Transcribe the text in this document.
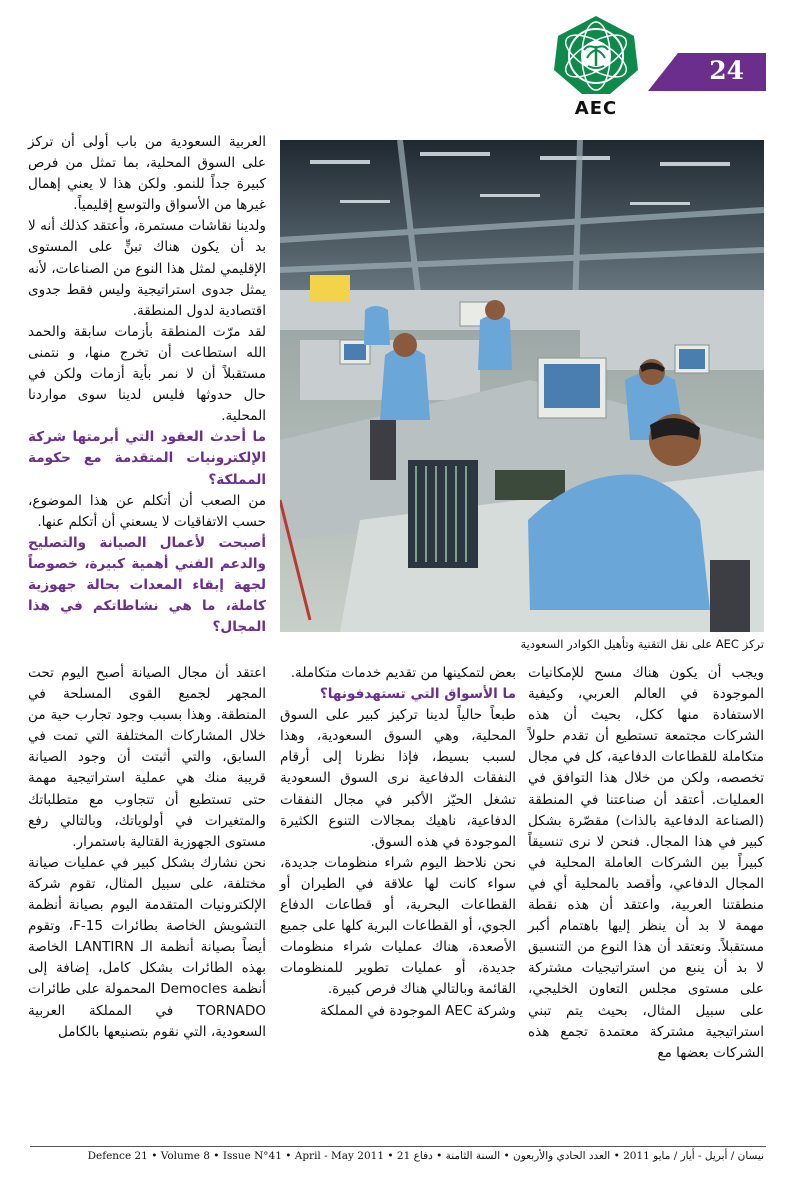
AEC
24

العربية السعودية من باب أولى أن تركز على السوق المحلية، بما تمثل من فرص كبيرة جداً للنمو. ولكن هذا لا يعني إهمال غيرها من الأسواق والتوسع إقليمياً.

ولدينا نقاشات مستمرة، وأعتقد كذلك أنه لا بد أن يكون هناك تبنٍّ على المستوى الإقليمي لمثل هذا النوع من الصناعات، لأنه يمثل جدوى استراتيجية وليس فقط جدوى اقتصادية لدول المنطقة.

لقد مرّت المنطقة بأزمات سابقة والحمد الله استطاعت أن تخرج منها، و نتمنى مستقبلاً أن لا نمر بأية أزمات ولكن في حال حدوثها فليس لدينا سوى مواردنا المحلية.

ما أحدث العقود التي أبرمتها شركة الإلكترونيات المتقدمة مع حكومة المملكة؟

من الصعب أن أتكلم عن هذا الموضوع، حسب الاتفاقيات لا يسعني أن أتكلم عنها.

أصبحت لأعمال الصيانة والتصليح والدعم الفني أهمية كبيرة، خصوصاً لجهة إبقاء المعدات بحالة جهوزية كاملة، ما هي نشاطاتكم في هذا المجال؟

تركز AEC على نقل التقنية وتأهيل الكوادر السعودية

ويجب أن يكون هناك مسح للإمكانيات الموجودة في العالم العربي، وكيفية الاستفادة منها ككل، بحيث أن هذه الشركات مجتمعة تستطيع أن تقدم حلولاً متكاملة للقطاعات الدفاعية، كل في مجال تخصصه، ولكن من خلال هذا التوافق في العمليات. أعتقد أن صناعتنا في المنطقة (الصناعة الدفاعية بالذات) مقصّرة بشكل كبير في هذا المجال. فنحن لا نرى تنسيقاً كبيراً بين الشركات العاملة المحلية في المجال الدفاعي، وأقصد بالمحلية أي في منطقتنا العربية، واعتقد أن هذه نقطة مهمة لا بد أن ينظر إليها باهتمام أكبر مستقبلاً. ونعتقد أن هذا النوع من التنسيق لا بد أن ينبع من استراتيجيات مشتركة على مستوى مجلس التعاون الخليجي، على سبيل المثال، بحيث يتم تبني استراتيجية مشتركة معتمدة تجمع هذه الشركات بعضها مع

بعض لتمكينها من تقديم خدمات متكاملة.

ما الأسواق التي تستهدفونها؟

طبعاً حالياً لدينا تركيز كبير على السوق المحلية، وهي السوق السعودية، وهذا لسبب بسيط، فإذا نظرنا إلى أرقام النفقات الدفاعية نرى السوق السعودية تشغل الحيّز الأكبر في مجال النفقات الدفاعية، ناهيك بمجالات التنوع الكثيرة الموجودة في هذه السوق.

نحن نلاحظ اليوم شراء منظومات جديدة، سواء كانت لها علاقة في الطيران أو القطاعات البحرية، أو قطاعات الدفاع الجوي، أو القطاعات البرية كلها على جميع الأصعدة، هناك عمليات شراء منظومات جديدة، أو عمليات تطوير للمنظومات القائمة وبالتالي هناك فرص كبيرة.

وشركة AEC الموجودة في المملكة

اعتقد أن مجال الصيانة أصبح اليوم تحت المجهر لجميع القوى المسلحة في المنطقة. وهذا بسبب وجود تجارب حية من خلال المشاركات المختلفة التي تمت في السابق، والتي أثبتت أن وجود الصيانة قريبة منك هي عملية استراتيجية مهمة حتى تستطيع أن تتجاوب مع متطلباتك والمتغيرات في أولوياتك، وبالتالي رفع مستوى الجهوزية القتالية باستمرار.

نحن نشارك بشكل كبير في عمليات صيانة مختلفة، على سبيل المثال، تقوم شركة الإلكترونيات المتقدمة اليوم بصيانة أنظمة التشويش الخاصة بطائرات F-15، وتقوم أيضاً بصيانة أنظمة الـ LANTIRN الخاصة بهذه الطائرات بشكل كامل، إضافة إلى أنظمة Democles المحمولة على طائرات TORNADO في المملكة العربية السعودية، التي نقوم بتصنيعها بالكامل

Defence 21 • Volume 8 • Issue N°41 • April - May 2011 • نيسان / أبريل - أيار / مايو 2011 • العدد الحادي والأربعون • السنة الثامنة • دفاع 21
